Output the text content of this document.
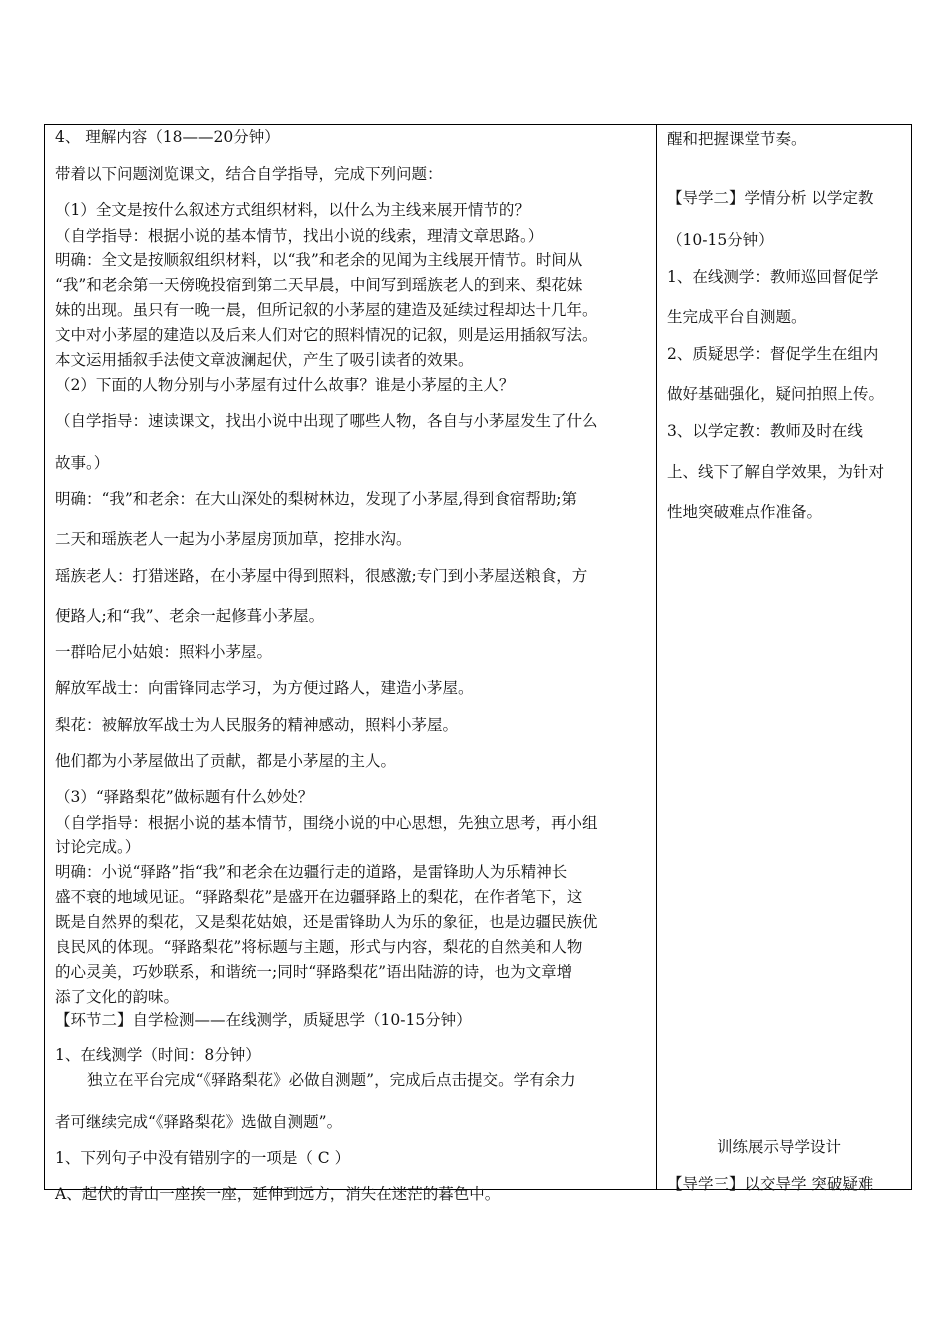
4、 理解内容（18——20分钟）
带着以下问题浏览课文，结合自学指导，完成下列问题：
（1）全文是按什么叙述方式组织材料，以什么为主线来展开情节的？
（自学指导：根据小说的基本情节，找出小说的线索，理清文章思路。）
明确：全文是按顺叙组织材料，以“我”和老余的见闻为主线展开情节。时间从
“我”和老余第一天傍晚投宿到第二天早晨，中间写到瑶族老人的到来、梨花妹
妹的出现。虽只有一晚一晨，但所记叙的小茅屋的建造及延续过程却达十几年。
文中对小茅屋的建造以及后来人们对它的照料情况的记叙，则是运用插叙写法。
本文运用插叙手法使文章波澜起伏，产生了吸引读者的效果。
（2）下面的人物分别与小茅屋有过什么故事？谁是小茅屋的主人？
（自学指导：速读课文，找出小说中出现了哪些人物，各自与小茅屋发生了什么
故事。）
明确：“我”和老余：在大山深处的梨树林边，发现了小茅屋,得到食宿帮助;第
二天和瑶族老人一起为小茅屋房顶加草，挖排水沟。
瑶族老人：打猎迷路，在小茅屋中得到照料，很感激;专门到小茅屋送粮食，方
便路人;和“我”、老余一起修葺小茅屋。
一群哈尼小姑娘：照料小茅屋。
解放军战士：向雷锋同志学习，为方便过路人，建造小茅屋。
梨花：被解放军战士为人民服务的精神感动，照料小茅屋。
他们都为小茅屋做出了贡献，都是小茅屋的主人。
（3）“驿路梨花”做标题有什么妙处？
（自学指导：根据小说的基本情节，围绕小说的中心思想，先独立思考，再小组
讨论完成。）
明确：小说“驿路”指“我”和老余在边疆行走的道路，是雷锋助人为乐精神长
盛不衰的地域见证。“驿路梨花”是盛开在边疆驿路上的梨花，在作者笔下，这
既是自然界的梨花，又是梨花姑娘，还是雷锋助人为乐的象征，也是边疆民族优
良民风的体现。“驿路梨花”将标题与主题，形式与内容，梨花的自然美和人物
的心灵美，巧妙联系，和谐统一;同时“驿路梨花”语出陆游的诗，也为文章增
添了文化的韵味。
【环节二】自学检测——在线测学，质疑思学（10-15分钟）
1、在线测学（时间：8分钟）
独立在平台完成“《驿路梨花》必做自测题”，完成后点击提交。学有余力
者可继续完成“《驿路梨花》选做自测题”。
1、下列句子中没有错别字的一项是（ C ）
A、起伏的青山一座挨一座，延伸到远方，消失在迷茫的暮色中。
醒和把握课堂节奏。
【导学二】学情分析 以学定教
（10-15分钟）
1、在线测学：教师巡回督促学
生完成平台自测题。
2、质疑思学：督促学生在组内
做好基础强化，疑问拍照上传。
3、以学定教：教师及时在线
上、线下了解自学效果，为针对
性地突破难点作准备。
训练展示导学设计
【导学三】以交导学 突破疑难
